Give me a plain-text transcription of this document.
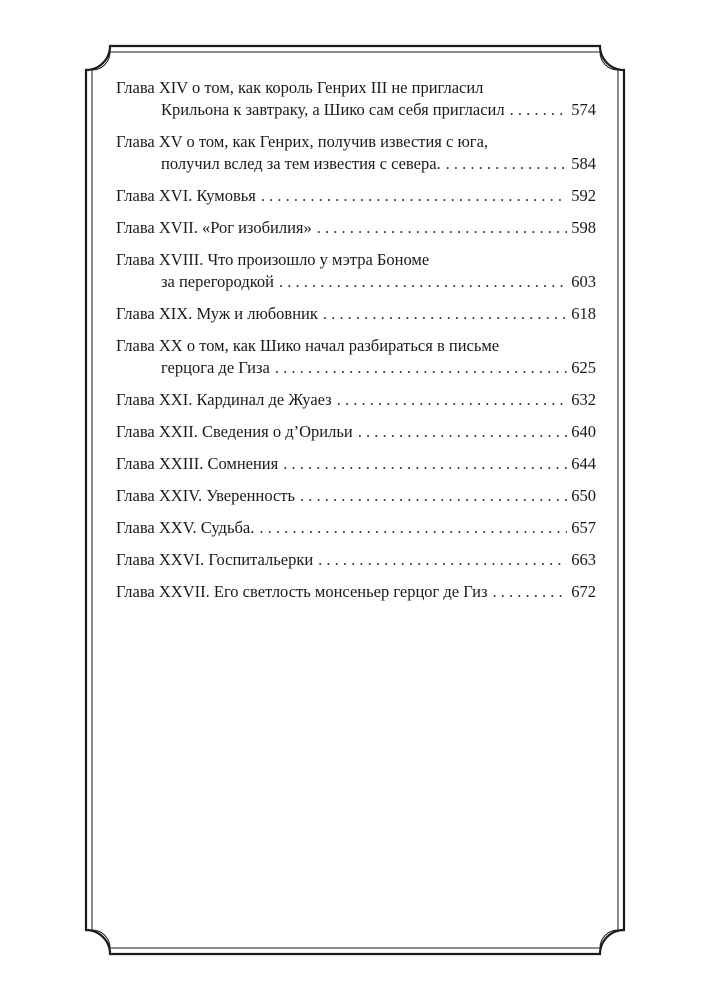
Глава XIV о том, как король Генрих III не пригласил
Крильона к завтраку, а Шико сам себя пригласил . . .	574
Глава XV о том, как Генрих, получив известия с юга,
получил вслед за тем известия с севера. . . .	584
Глава XVI. Кумовья . . .	592
Глава XVII. «Рог изобилия» . . .	598
Глава XVIII. Что произошло у мэтра Бономе
за перегородкой . . .	603
Глава XIX. Муж и любовник . . .	618
Глава XX о том, как Шико начал разбираться в письме
герцога де Гиза . . .	625
Глава XXI. Кардинал де Жуаез . . .	632
Глава XXII. Сведения о д’Орильи . . .	640
Глава XXIII. Сомнения . . .	644
Глава XXIV. Уверенность . . .	650
Глава XXV. Судьба. . . .	657
Глава XXVI. Госпитальерки . . .	663
Глава XXVII. Его светлость монсеньер герцог де Гиз . . .	672
